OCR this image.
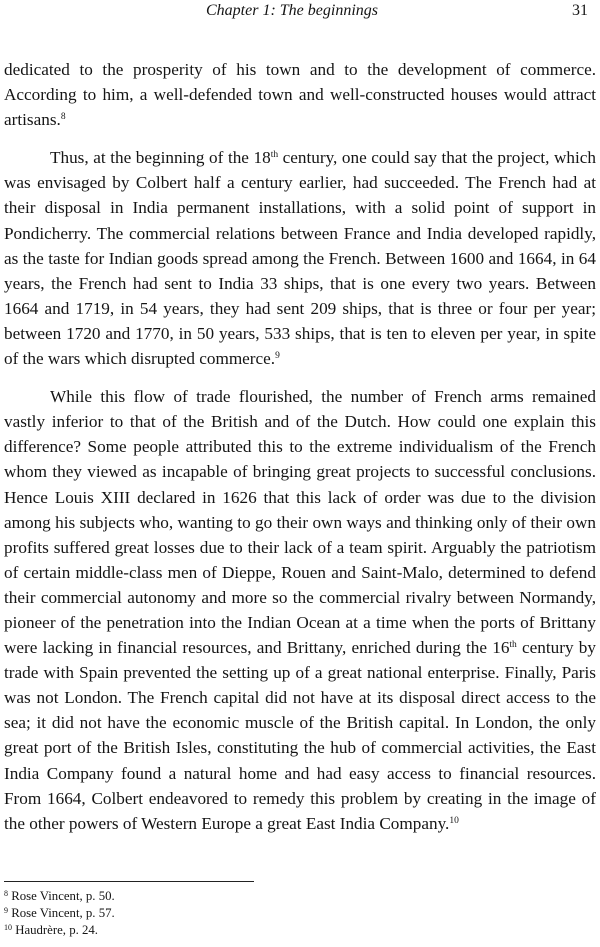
Chapter 1: The beginnings	31

dedicated to the prosperity of his town and to the development of commerce. According to him, a well-defended town and well-constructed houses would attract artisans.$^8$

Thus, at the beginning of the 18th century, one could say that the project, which was envisaged by Colbert half a century earlier, had succeeded. The French had at their disposal in India permanent installations, with a solid point of support in Pondicherry. The commercial relations between France and India developed rapidly, as the taste for Indian goods spread among the French. Between 1600 and 1664, in 64 years, the French had sent to India 33 ships, that is one every two years. Between 1664 and 1719, in 54 years, they had sent 209 ships, that is three or four per year; between 1720 and 1770, in 50 years, 533 ships, that is ten to eleven per year, in spite of the wars which disrupted commerce.$^9$

While this flow of trade flourished, the number of French arms remained vastly inferior to that of the British and of the Dutch. How could one explain this difference? Some people attributed this to the extreme individualism of the French whom they viewed as incapable of bringing great projects to successful conclusions. Hence Louis XIII declared in 1626 that this lack of order was due to the division among his subjects who, wanting to go their own ways and thinking only of their own profits suffered great losses due to their lack of a team spirit. Arguably the patriotism of certain middle-class men of Dieppe, Rouen and Saint-Malo, determined to defend their commercial autonomy and more so the commercial rivalry between Normandy, pioneer of the penetration into the Indian Ocean at a time when the ports of Brittany were lacking in financial resources, and Brittany, enriched during the 16th century by trade with Spain prevented the setting up of a great national enterprise. Finally, Paris was not London. The French capital did not have at its disposal direct access to the sea; it did not have the economic muscle of the British capital. In London, the only great port of the British Isles, constituting the hub of commercial activities, the East India Company found a natural home and had easy access to financial resources. From 1664, Colbert endeavored to remedy this problem by creating in the image of the other powers of Western Europe a great East India Company.$^{10}$

$^8$ Rose Vincent, p. 50.
$^9$ Rose Vincent, p. 57.
$^{10}$ Haudrère, p. 24.
